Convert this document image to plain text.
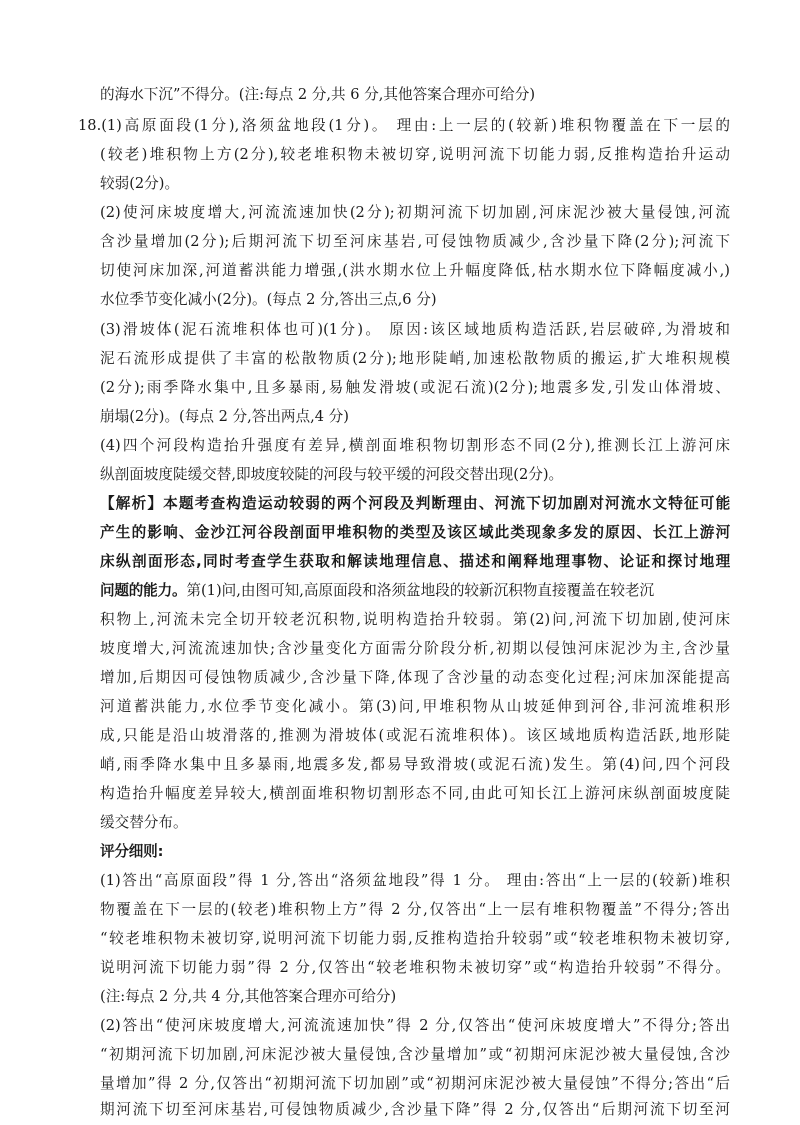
的海水下沉”不得分。(注:每点 2 分,共 6 分,其他答案合理亦可给分)
18.(1)高原面段(1分),洛须盆地段(1分)。 理由:上一层的(较新)堆积物覆盖在下一层的
(较老)堆积物上方(2分),较老堆积物未被切穿,说明河流下切能力弱,反推构造抬升运动
较弱(2分)。
(2)使河床坡度增大,河流流速加快(2分);初期河流下切加剧,河床泥沙被大量侵蚀,河流
含沙量增加(2分);后期河流下切至河床基岩,可侵蚀物质减少,含沙量下降(2分);河流下
切使河床加深,河道蓄洪能力增强,(洪水期水位上升幅度降低,枯水期水位下降幅度减小,)
水位季节变化减小(2分)。(每点 2 分,答出三点,6 分)
(3)滑坡体(泥石流堆积体也可)(1分)。 原因:该区域地质构造活跃,岩层破碎,为滑坡和
泥石流形成提供了丰富的松散物质(2分);地形陡峭,加速松散物质的搬运,扩大堆积规模
(2分);雨季降水集中,且多暴雨,易触发滑坡(或泥石流)(2分);地震多发,引发山体滑坡、
崩塌(2分)。(每点 2 分,答出两点,4 分)
(4)四个河段构造抬升强度有差异,横剖面堆积物切割形态不同(2分),推测长江上游河床
纵剖面坡度陡缓交替,即坡度较陡的河段与较平缓的河段交替出现(2分)。
【解析】本题考查构造运动较弱的两个河段及判断理由、河流下切加剧对河流水文特征可能
产生的影响、金沙江河谷段剖面甲堆积物的类型及该区域此类现象多发的原因、长江上游河
床纵剖面形态,同时考查学生获取和解读地理信息、描述和阐释地理事物、论证和探讨地理
问题的能力。第(1)问,由图可知,高原面段和洛须盆地段的较新沉积物直接覆盖在较老沉
积物上,河流未完全切开较老沉积物,说明构造抬升较弱。第(2)问,河流下切加剧,使河床
坡度增大,河流流速加快;含沙量变化方面需分阶段分析,初期以侵蚀河床泥沙为主,含沙量
增加,后期因可侵蚀物质减少,含沙量下降,体现了含沙量的动态变化过程;河床加深能提高
河道蓄洪能力,水位季节变化减小。第(3)问,甲堆积物从山坡延伸到河谷,非河流堆积形
成,只能是沿山坡滑落的,推测为滑坡体(或泥石流堆积体)。该区域地质构造活跃,地形陡
峭,雨季降水集中且多暴雨,地震多发,都易导致滑坡(或泥石流)发生。第(4)问,四个河段
构造抬升幅度差异较大,横剖面堆积物切割形态不同,由此可知长江上游河床纵剖面坡度陡
缓交替分布。
评分细则:
(1)答出“高原面段”得 1 分,答出“洛须盆地段”得 1 分。 理由:答出“上一层的(较新)堆积
物覆盖在下一层的(较老)堆积物上方”得 2 分,仅答出“上一层有堆积物覆盖”不得分;答出
“较老堆积物未被切穿,说明河流下切能力弱,反推构造抬升较弱”或“较老堆积物未被切穿,
说明河流下切能力弱”得 2 分,仅答出“较老堆积物未被切穿”或“构造抬升较弱”不得分。
(注:每点 2 分,共 4 分,其他答案合理亦可给分)
(2)答出“使河床坡度增大,河流流速加快”得 2 分,仅答出“使河床坡度增大”不得分;答出
“初期河流下切加剧,河床泥沙被大量侵蚀,含沙量增加”或“初期河床泥沙被大量侵蚀,含沙
量增加”得 2 分,仅答出“初期河流下切加剧”或“初期河床泥沙被大量侵蚀”不得分;答出“后
期河流下切至河床基岩,可侵蚀物质减少,含沙量下降”得 2 分,仅答出“后期河流下切至河
